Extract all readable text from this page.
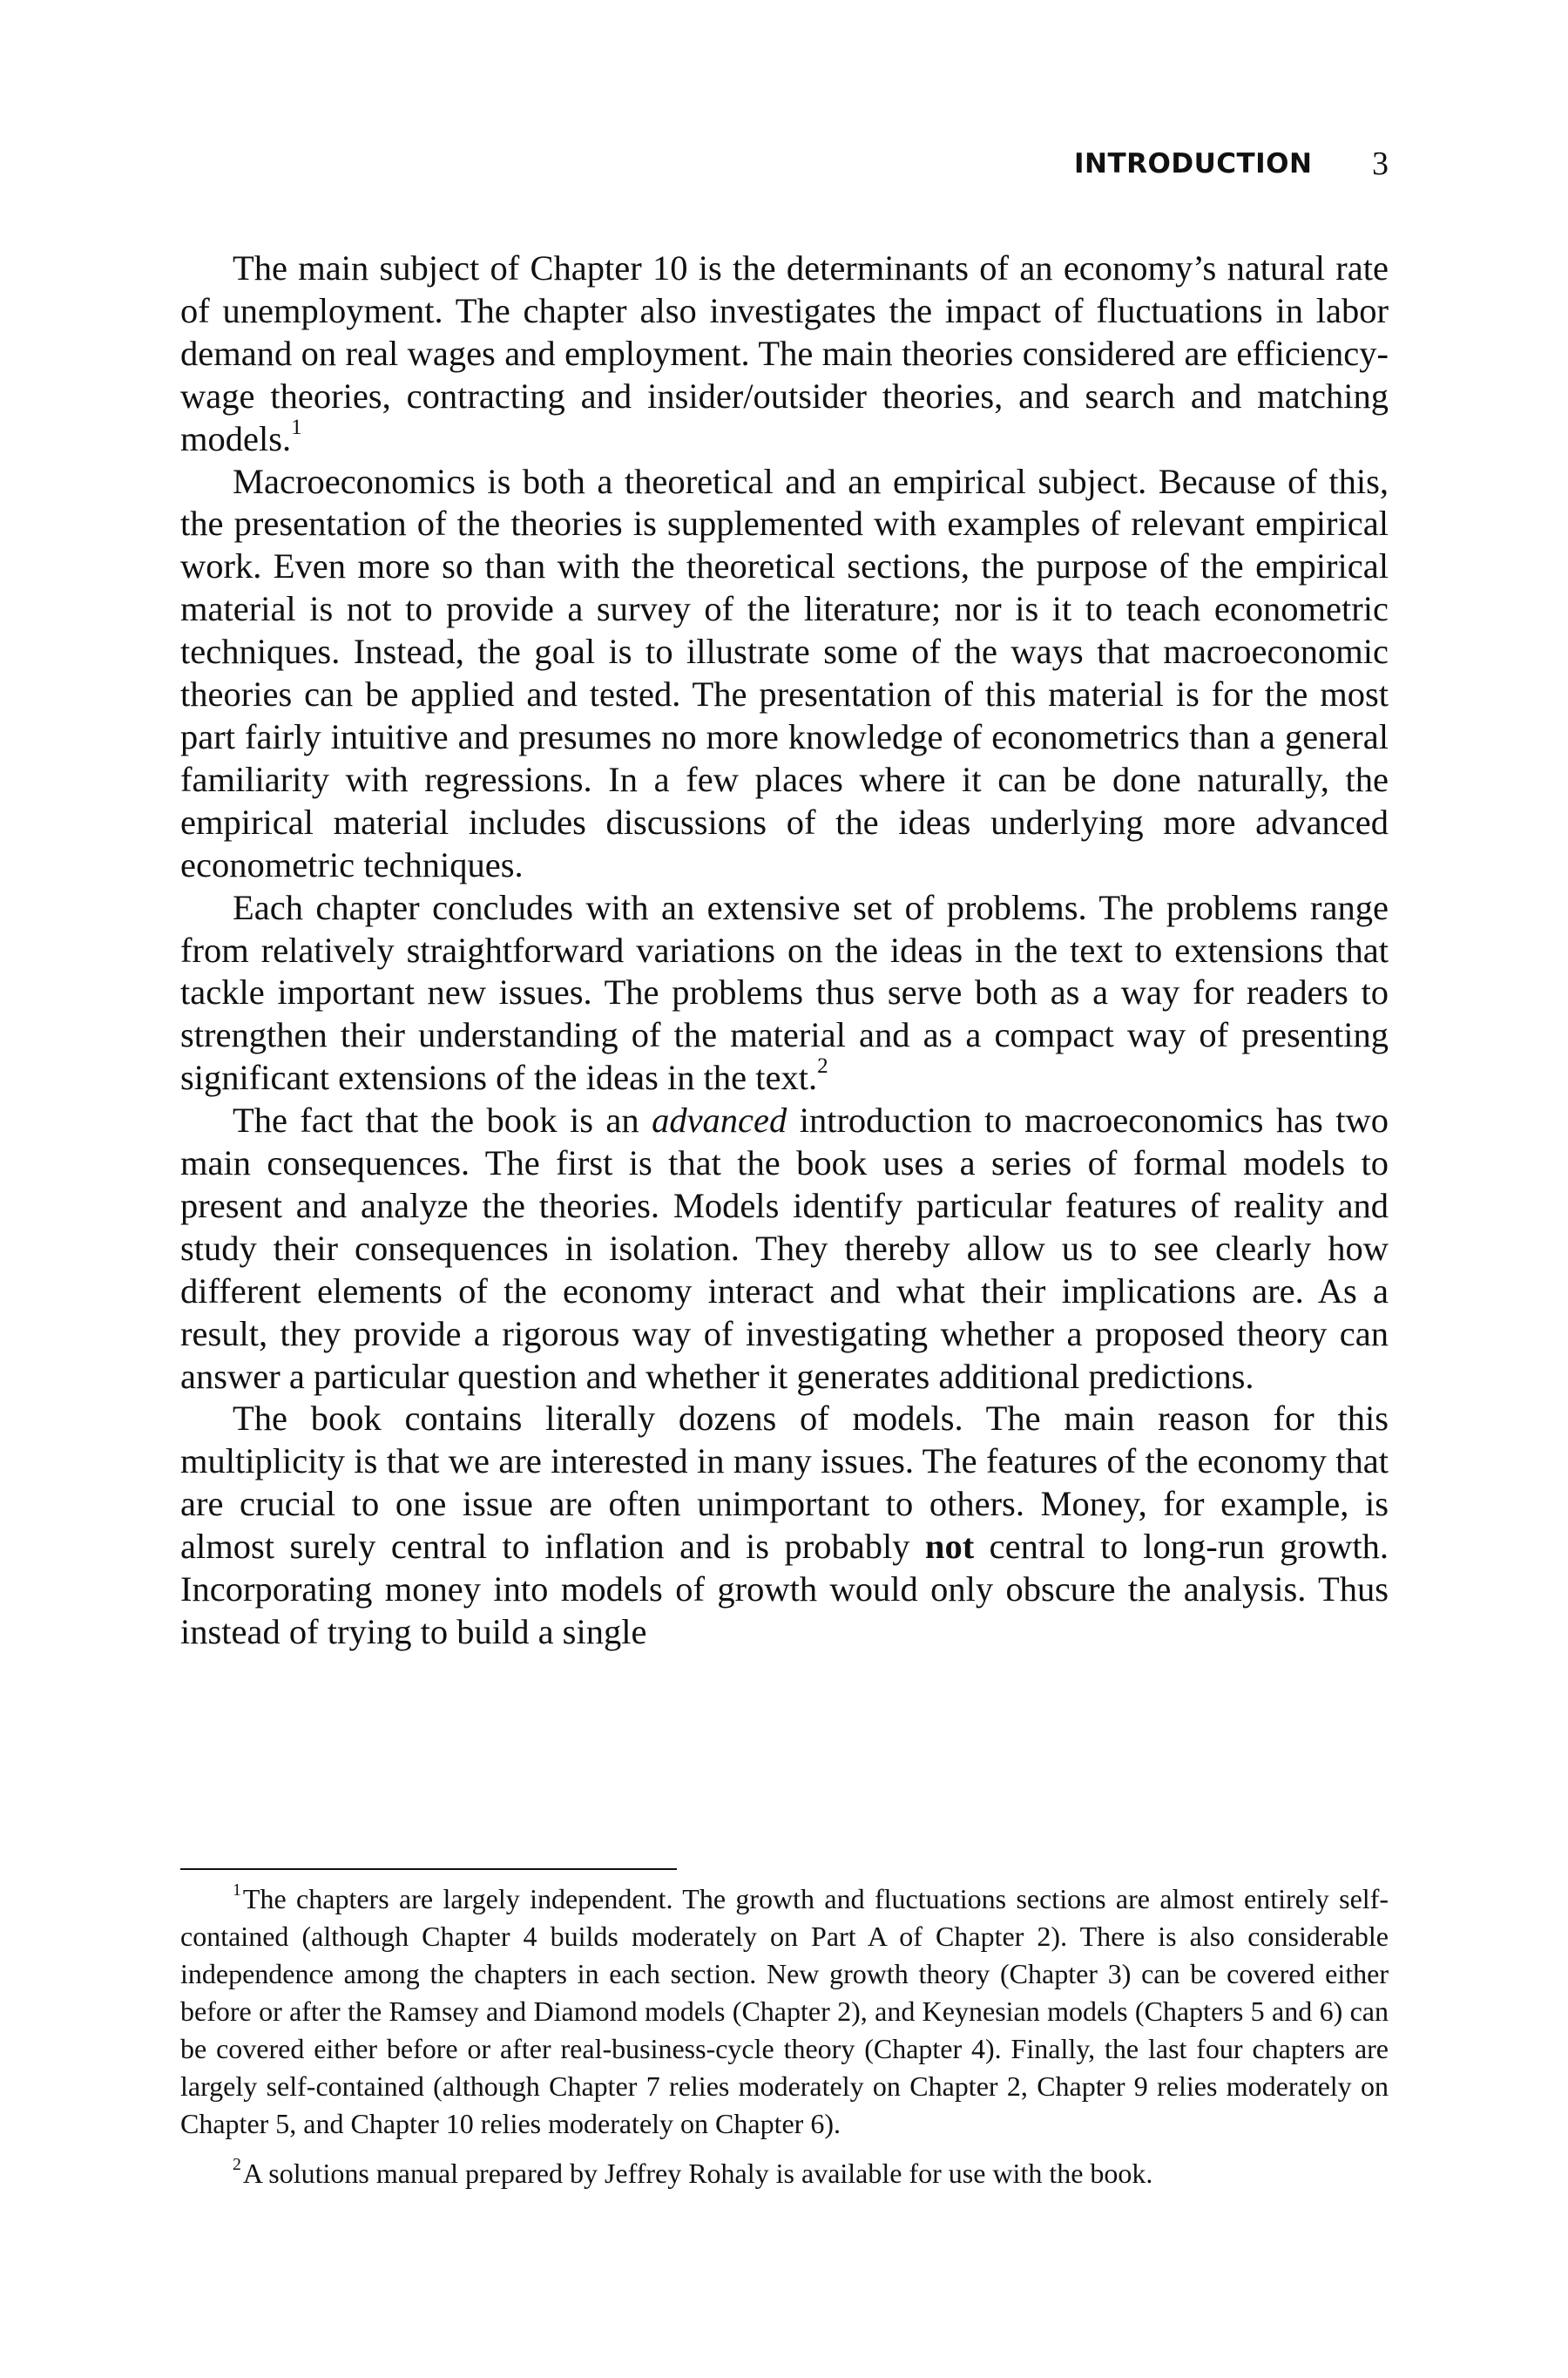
INTRODUCTION 3

The main subject of Chapter 10 is the determinants of an economy’s natural rate of unemployment. The chapter also investigates the impact of fluctuations in labor demand on real wages and employment. The main theories considered are efficiency-wage theories, contracting and insider/outsider theories, and search and matching models.$^1$

Macroeconomics is both a theoretical and an empirical subject. Because of this, the presentation of the theories is supplemented with examples of relevant empirical work. Even more so than with the theoretical sections, the purpose of the empirical material is not to provide a survey of the literature; nor is it to teach econometric techniques. Instead, the goal is to illustrate some of the ways that macroeconomic theories can be applied and tested. The presentation of this material is for the most part fairly intuitive and presumes no more knowledge of econometrics than a general familiarity with regressions. In a few places where it can be done naturally, the empirical material includes discussions of the ideas underlying more advanced econometric techniques.

Each chapter concludes with an extensive set of problems. The problems range from relatively straightforward variations on the ideas in the text to extensions that tackle important new issues. The problems thus serve both as a way for readers to strengthen their understanding of the material and as a compact way of presenting significant extensions of the ideas in the text.$^2$

The fact that the book is an advanced introduction to macroeconomics has two main consequences. The first is that the book uses a series of formal models to present and analyze the theories. Models identify particular features of reality and study their consequences in isolation. They thereby allow us to see clearly how different elements of the economy interact and what their implications are. As a result, they provide a rigorous way of investigating whether a proposed theory can answer a particular question and whether it generates additional predictions.

The book contains literally dozens of models. The main reason for this multiplicity is that we are interested in many issues. The features of the economy that are crucial to one issue are often unimportant to others. Money, for example, is almost surely central to inflation and is probably not central to long-run growth. Incorporating money into models of growth would only obscure the analysis. Thus instead of trying to build a single

$^1$The chapters are largely independent. The growth and fluctuations sections are almost entirely self-contained (although Chapter 4 builds moderately on Part A of Chapter 2). There is also considerable independence among the chapters in each section. New growth theory (Chapter 3) can be covered either before or after the Ramsey and Diamond models (Chapter 2), and Keynesian models (Chapters 5 and 6) can be covered either before or after real-business-cycle theory (Chapter 4). Finally, the last four chapters are largely self-contained (although Chapter 7 relies moderately on Chapter 2, Chapter 9 relies moderately on Chapter 5, and Chapter 10 relies moderately on Chapter 6).

$^2$A solutions manual prepared by Jeffrey Rohaly is available for use with the book.
